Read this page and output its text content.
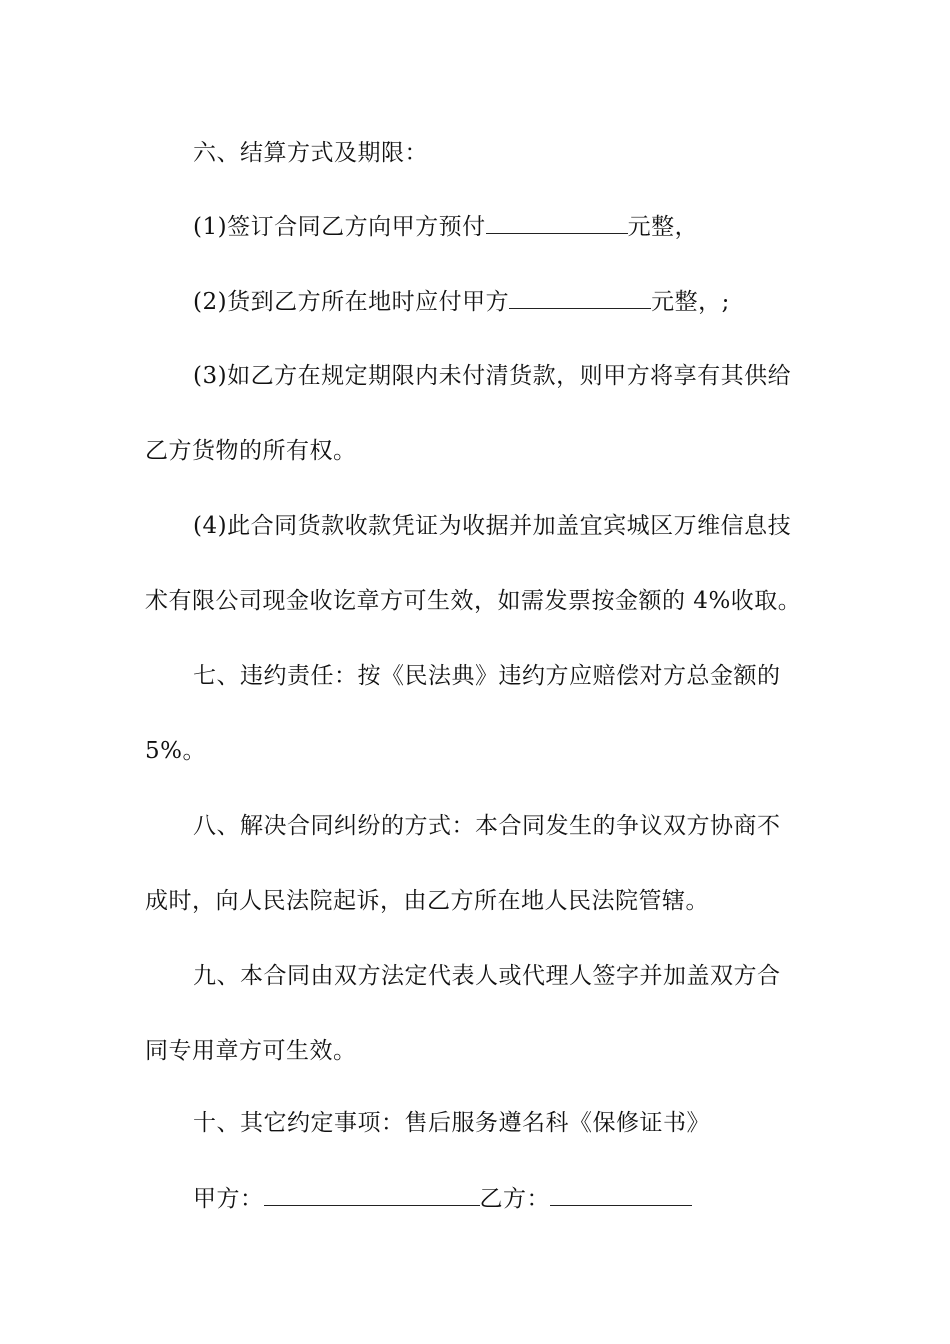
六、结算方式及期限：
(1)签订合同乙方向甲方预付	元整，
(2)货到乙方所在地时应付甲方	元整，;
(3)如乙方在规定期限内未付清货款，则甲方将享有其供给
乙方货物的所有权。
(4)此合同货款收款凭证为收据并加盖宜宾城区万维信息技
术有限公司现金收讫章方可生效，如需发票按金额的 4%收取。
七、违约责任：按《民法典》违约方应赔偿对方总金额的
5%。
八、解决合同纠纷的方式：本合同发生的争议双方协商不
成时，向人民法院起诉，由乙方所在地人民法院管辖。
九、本合同由双方法定代表人或代理人签字并加盖双方合
同专用章方可生效。
十、其它约定事项：售后服务遵名科《保修证书》
甲方：	乙方：
